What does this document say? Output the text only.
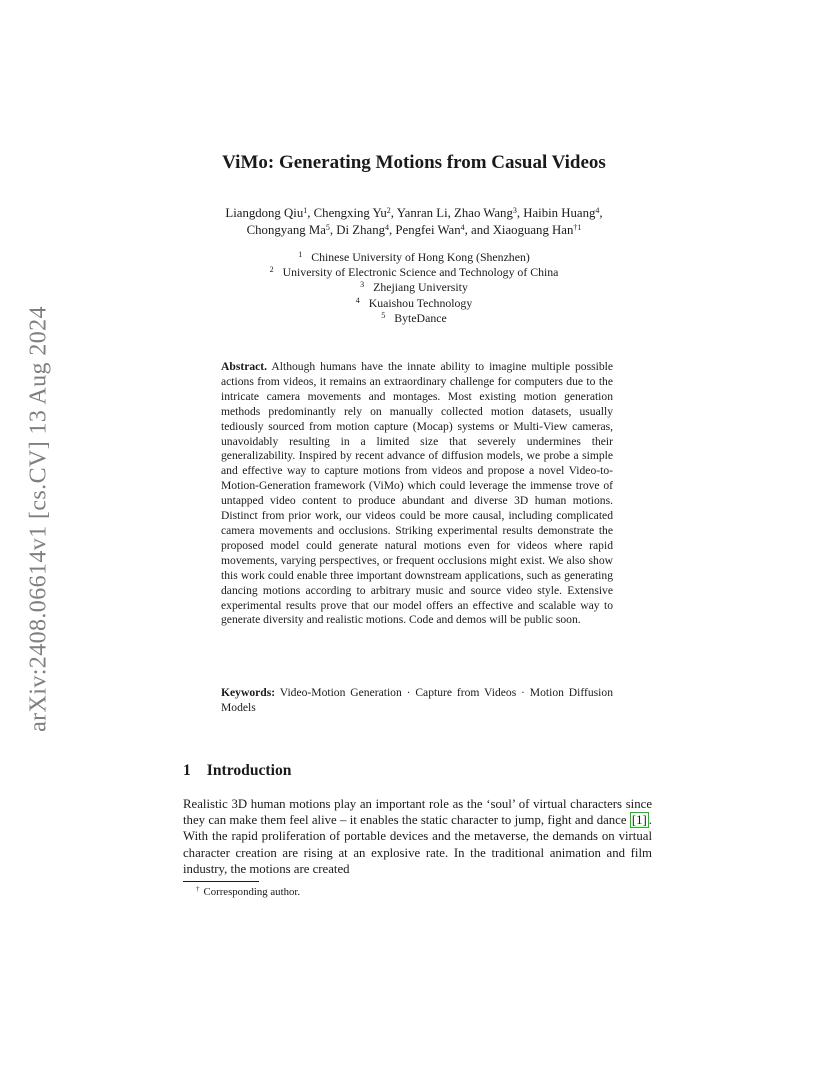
arXiv:2408.06614v1 [cs.CV] 13 Aug 2024
ViMo: Generating Motions from Casual Videos
Liangdong Qiu$^1$, Chengxing Yu$^2$, Yanran Li, Zhao Wang$^3$, Haibin Huang$^4$,
Chongyang Ma$^5$, Di Zhang$^4$, Pengfei Wan$^4$, and Xiaoguang Han$^{\dagger 1}$
$^1$ Chinese University of Hong Kong (Shenzhen)
$^2$ University of Electronic Science and Technology of China
$^3$ Zhejiang University
$^4$ Kuaishou Technology
$^5$ ByteDance
Abstract. Although humans have the innate ability to imagine multiple possible actions from videos, it remains an extraordinary challenge for computers due to the intricate camera movements and montages. Most existing motion generation methods predominantly rely on manually collected motion datasets, usually tediously sourced from motion capture (Mocap) systems or Multi-View cameras, unavoidably resulting in a limited size that severely undermines their generalizability. Inspired by recent advance of diffusion models, we probe a simple and effective way to capture motions from videos and propose a novel Video-to-Motion-Generation framework (ViMo) which could leverage the immense trove of untapped video content to produce abundant and diverse 3D human motions. Distinct from prior work, our videos could be more causal, including complicated camera movements and occlusions. Striking experimental results demonstrate the proposed model could generate natural motions even for videos where rapid movements, varying perspectives, or frequent occlusions might exist. We also show this work could enable three important downstream applications, such as generating dancing motions according to arbitrary music and source video style. Extensive experimental results prove that our model offers an effective and scalable way to generate diversity and realistic motions. Code and demos will be public soon.
Keywords: Video-Motion Generation · Capture from Videos · Motion Diffusion Models
1 Introduction
Realistic 3D human motions play an important role as the ‘soul’ of virtual characters since they can make them feel alive – it enables the static character to jump, fight and dance [1] . With the rapid proliferation of portable devices and the metaverse, the demands on virtual character creation are rising at an explosive rate. In the traditional animation and film industry, the motions are created
† Corresponding author.
